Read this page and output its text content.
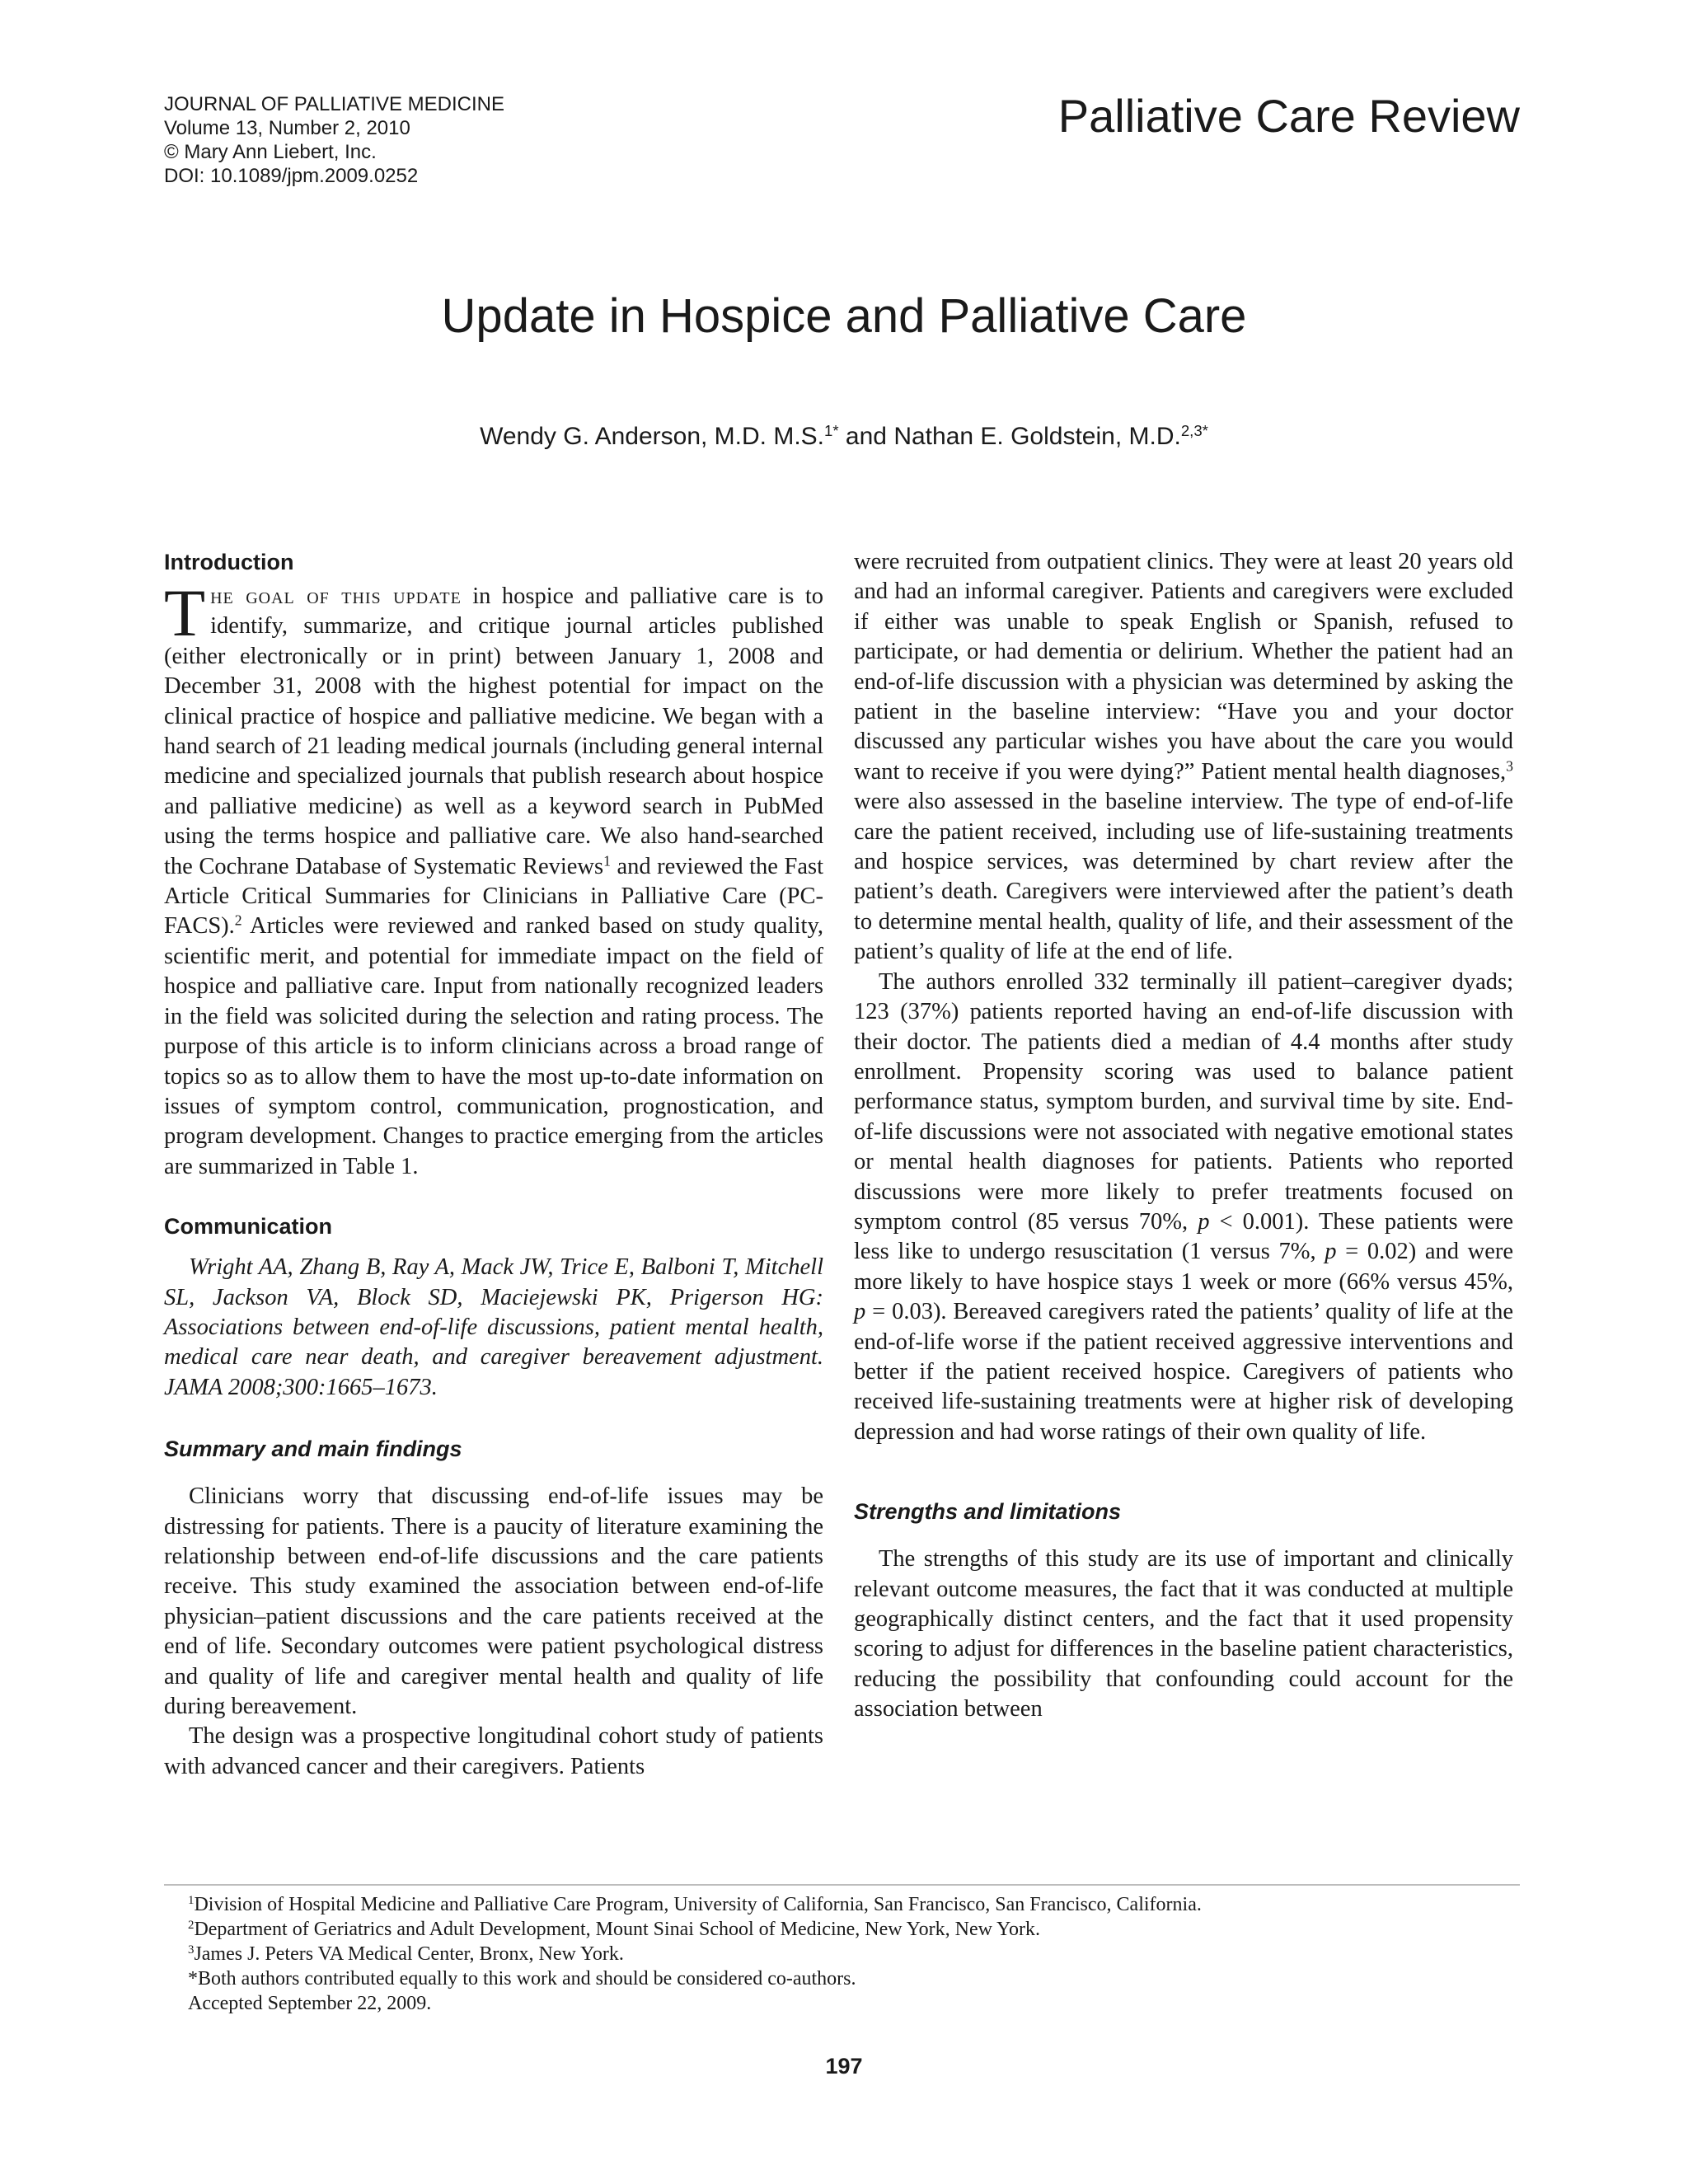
JOURNAL OF PALLIATIVE MEDICINE
Volume 13, Number 2, 2010
© Mary Ann Liebert, Inc.
DOI: 10.1089/jpm.2009.0252
Palliative Care Review
Update in Hospice and Palliative Care
Wendy G. Anderson, M.D. M.S.$^{1*}$ and Nathan E. Goldstein, M.D.$^{2,3*}$
Introduction

The goal of this update in hospice and palliative care is to identify, summarize, and critique journal articles published (either electronically or in print) between January 1, 2008 and December 31, 2008 with the highest potential for impact on the clinical practice of hospice and palliative medicine. We began with a hand search of 21 leading medical journals (including general internal medicine and specialized journals that publish research about hospice and palliative medicine) as well as a keyword search in PubMed using the terms hospice and palliative care. We also hand-searched the Cochrane Database of Systematic Reviews$^1$ and reviewed the Fast Article Critical Summaries for Clinicians in Palliative Care (PC-FACS).$^2$ Articles were reviewed and ranked based on study quality, scientific merit, and potential for immediate impact on the field of hospice and palliative care. Input from nationally recognized leaders in the field was solicited during the selection and rating process. The purpose of this article is to inform clinicians across a broad range of topics so as to allow them to have the most up-to-date information on issues of symptom control, communication, prognostication, and program development. Changes to practice emerging from the articles are summarized in Table 1.

Communication

Wright AA, Zhang B, Ray A, Mack JW, Trice E, Balboni T, Mitchell SL, Jackson VA, Block SD, Maciejewski PK, Prigerson HG: Associations between end-of-life discussions, patient mental health, medical care near death, and caregiver bereavement adjustment. JAMA 2008;300:1665–1673.

Summary and main findings

Clinicians worry that discussing end-of-life issues may be distressing for patients. There is a paucity of literature examining the relationship between end-of-life discussions and the care patients receive. This study examined the association between end-of-life physician–patient discussions and the care patients received at the end of life. Secondary outcomes were patient psychological distress and quality of life and caregiver mental health and quality of life during bereavement.

The design was a prospective longitudinal cohort study of patients with advanced cancer and their caregivers. Patients

were recruited from outpatient clinics. They were at least 20 years old and had an informal caregiver. Patients and caregivers were excluded if either was unable to speak English or Spanish, refused to participate, or had dementia or delirium. Whether the patient had an end-of-life discussion with a physician was determined by asking the patient in the baseline interview: “Have you and your doctor discussed any particular wishes you have about the care you would want to receive if you were dying?” Patient mental health diagnoses,$^3$ were also assessed in the baseline interview. The type of end-of-life care the patient received, including use of life-sustaining treatments and hospice services, was determined by chart review after the patient’s death. Caregivers were interviewed after the patient’s death to determine mental health, quality of life, and their assessment of the patient’s quality of life at the end of life.

The authors enrolled 332 terminally ill patient–caregiver dyads; 123 (37%) patients reported having an end-of-life discussion with their doctor. The patients died a median of 4.4 months after study enrollment. Propensity scoring was used to balance patient performance status, symptom burden, and survival time by site. End-of-life discussions were not associated with negative emotional states or mental health diagnoses for patients. Patients who reported discussions were more likely to prefer treatments focused on symptom control (85 versus 70%, p < 0.001). These patients were less like to undergo resuscitation (1 versus 7%, p = 0.02) and were more likely to have hospice stays 1 week or more (66% versus 45%, p = 0.03). Bereaved caregivers rated the patients’ quality of life at the end-of-life worse if the patient received aggressive interventions and better if the patient received hospice. Caregivers of patients who received life-sustaining treatments were at higher risk of developing depression and had worse ratings of their own quality of life.

Strengths and limitations

The strengths of this study are its use of important and clinically relevant outcome measures, the fact that it was conducted at multiple geographically distinct centers, and the fact that it used propensity scoring to adjust for differences in the baseline patient characteristics, reducing the possibility that confounding could account for the association between

$^1$Division of Hospital Medicine and Palliative Care Program, University of California, San Francisco, San Francisco, California.
$^2$Department of Geriatrics and Adult Development, Mount Sinai School of Medicine, New York, New York.
$^3$James J. Peters VA Medical Center, Bronx, New York.
*Both authors contributed equally to this work and should be considered co-authors.
Accepted September 22, 2009.
197
